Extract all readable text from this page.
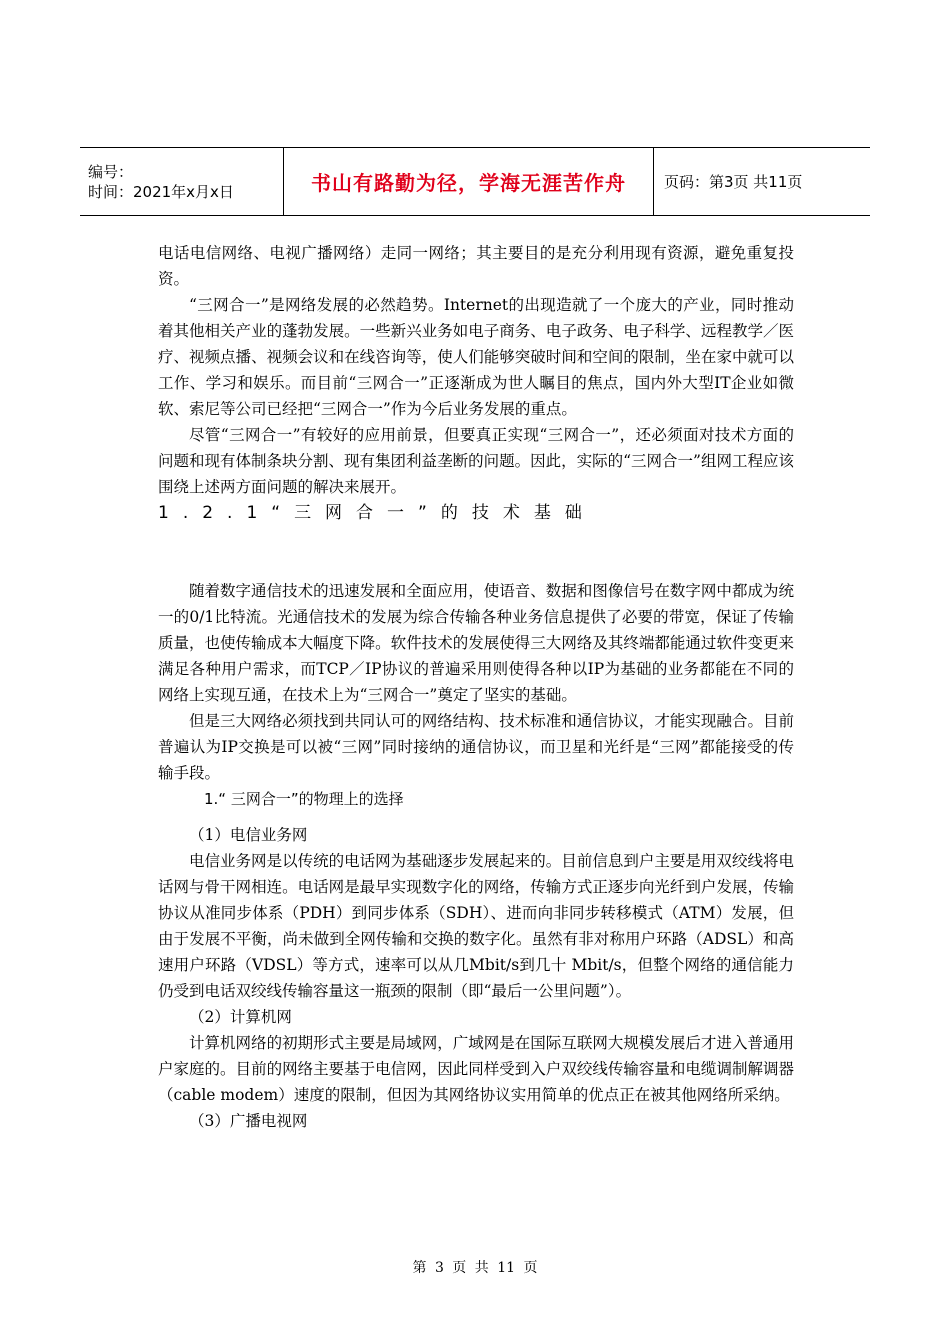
编号：
时间：2021年x月x日	书山有路勤为径，学海无涯苦作舟	页码：第3页 共11页

电话电信网络、电视广播网络）走同一网络；其主要目的是充分利用现有资源，避免重复投资。

“三网合一”是网络发展的必然趋势。Internet的出现造就了一个庞大的产业，同时推动着其他相关产业的蓬勃发展。一些新兴业务如电子商务、电子政务、电子科学、远程教学／医疗、视频点播、视频会议和在线咨询等，使人们能够突破时间和空间的限制，坐在家中就可以工作、学习和娱乐。而目前“三网合一”正逐渐成为世人瞩目的焦点，国内外大型IT企业如微软、索尼等公司已经把“三网合一”作为今后业务发展的重点。

尽管“三网合一”有较好的应用前景，但要真正实现“三网合一”，还必须面对技术方面的问题和现有体制条块分割、现有集团利益垄断的问题。因此，实际的“三网合一”组网工程应该围绕上述两方面问题的解决来展开。

1.2.1“三网合一”的技术基础

随着数字通信技术的迅速发展和全面应用，使语音、数据和图像信号在数字网中都成为统一的0/1比特流。光通信技术的发展为综合传输各种业务信息提供了必要的带宽，保证了传输质量，也使传输成本大幅度下降。软件技术的发展使得三大网络及其终端都能通过软件变更来满足各种用户需求，而TCP／IP协议的普遍采用则使得各种以IP为基础的业务都能在不同的网络上实现互通，在技术上为“三网合一”奠定了坚实的基础。

但是三大网络必须找到共同认可的网络结构、技术标准和通信协议，才能实现融合。目前普遍认为IP交换是可以被“三网”同时接纳的通信协议，而卫星和光纤是“三网”都能接受的传输手段。

1.“ 三网合一”的物理上的选择

（1）电信业务网

电信业务网是以传统的电话网为基础逐步发展起来的。目前信息到户主要是用双绞线将电话网与骨干网相连。电话网是最早实现数字化的网络，传输方式正逐步向光纤到户发展，传输协议从准同步体系（PDH）到同步体系（SDH）、进而向非同步转移模式（ATM）发展，但由于发展不平衡，尚未做到全网传输和交换的数字化。虽然有非对称用户环路（ADSL）和高速用户环路（VDSL）等方式，速率可以从几Mbit/s到几十 Mbit/s，但整个网络的通信能力仍受到电话双绞线传输容量这一瓶颈的限制（即“最后一公里问题”）。

（2）计算机网

计算机网络的初期形式主要是局域网，广域网是在国际互联网大规模发展后才进入普通用户家庭的。目前的网络主要基于电信网，因此同样受到入户双绞线传输容量和电缆调制解调器（cable modem）速度的限制，但因为其网络协议实用简单的优点正在被其他网络所采纳。

（3）广播电视网

第 3 页 共 11 页
